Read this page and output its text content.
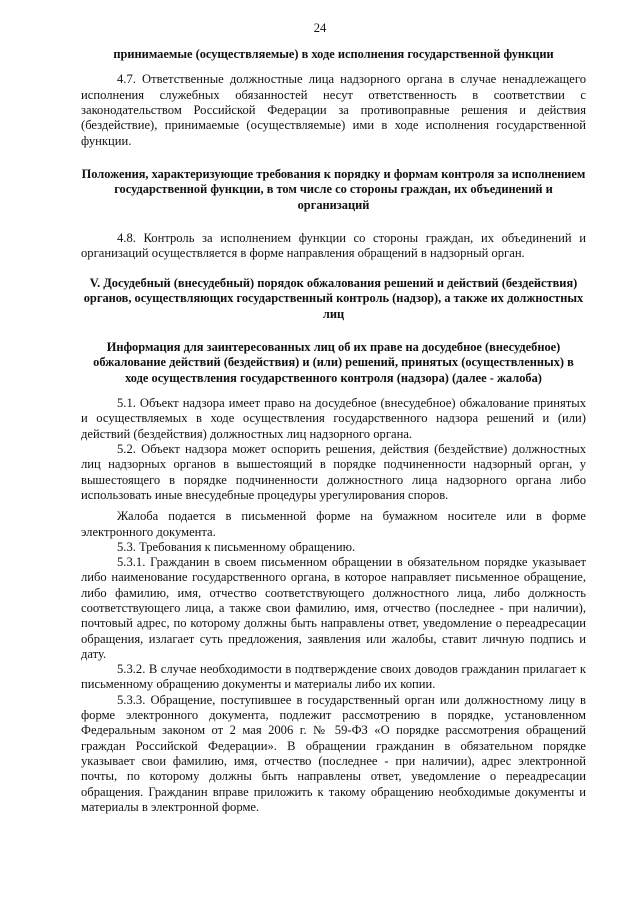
24
принимаемые (осуществляемые) в ходе исполнения государственной функции
4.7. Ответственные должностные лица надзорного органа в случае ненадлежащего исполнения служебных обязанностей несут ответственность в соответствии с законодательством Российской Федерации за противоправные решения и действия (бездействие), принимаемые (осуществляемые) ими в ходе исполнения государственной функции.
Положения, характеризующие требования к порядку и формам контроля за исполнением государственной функции, в том числе со стороны граждан, их объединений и организаций
4.8. Контроль за исполнением функции со стороны граждан, их объединений и организаций осуществляется в форме направления обращений в надзорный орган.
V. Досудебный (внесудебный) порядок обжалования решений и действий (бездействия) органов, осуществляющих государственный контроль (надзор), а также их должностных лиц
Информация для заинтересованных лиц об их праве на досудебное (внесудебное) обжалование действий (бездействия) и (или) решений, принятых (осуществленных) в ходе осуществления государственного контроля (надзора) (далее - жалоба)
5.1. Объект надзора имеет право на досудебное (внесудебное) обжалование принятых и осуществляемых в ходе осуществления государственного надзора решений и (или) действий (бездействия) должностных лиц надзорного органа.
5.2. Объект надзора может оспорить решения, действия (бездействие) должностных лиц надзорных органов в вышестоящий в порядке подчиненности надзорный орган, у вышестоящего в порядке подчиненности должностного лица надзорного органа либо использовать иные внесудебные процедуры урегулирования споров.
Жалоба подается в письменной форме на бумажном носителе или в форме электронного документа.
5.3. Требования к письменному обращению.
5.3.1. Гражданин в своем письменном обращении в обязательном порядке указывает либо наименование государственного органа, в которое направляет письменное обращение, либо фамилию, имя, отчество соответствующего должностного лица, либо должность соответствующего лица, а также свои фамилию, имя, отчество (последнее - при наличии), почтовый адрес, по которому должны быть направлены ответ, уведомление о переадресации обращения, излагает суть предложения, заявления или жалобы, ставит личную подпись и дату.
5.3.2. В случае необходимости в подтверждение своих доводов гражданин прилагает к письменному обращению документы и материалы либо их копии.
5.3.3. Обращение, поступившее в государственный орган или должностному лицу в форме электронного документа, подлежит рассмотрению в порядке, установленном Федеральным законом от 2 мая 2006 г. № 59-ФЗ «О порядке рассмотрения обращений граждан Российской Федерации». В обращении гражданин в обязательном порядке указывает свои фамилию, имя, отчество (последнее - при наличии), адрес электронной почты, по которому должны быть направлены ответ, уведомление о переадресации обращения. Гражданин вправе приложить к такому обращению необходимые документы и материалы в электронной форме.
